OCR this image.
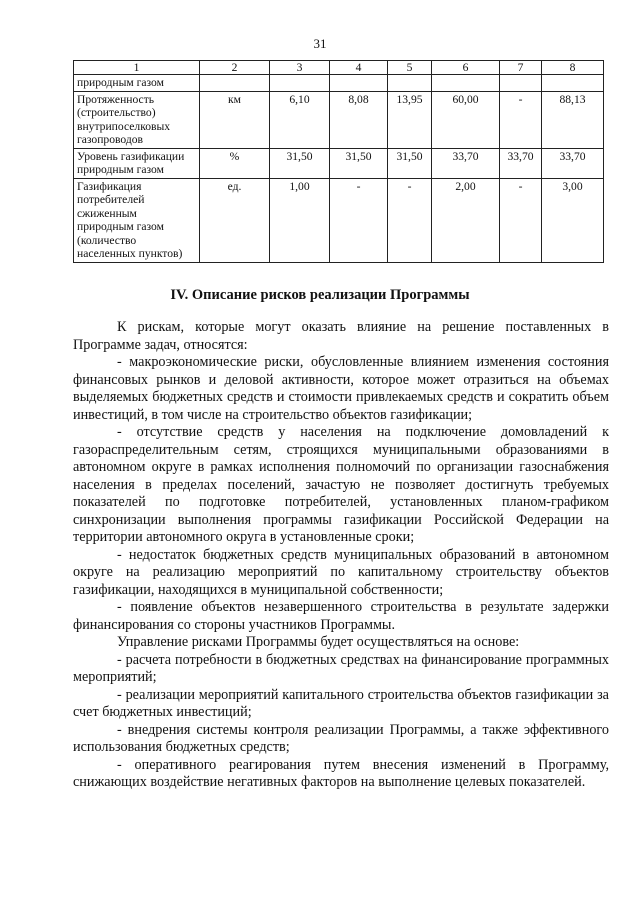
31
1	2	3	4	5	6	7	8
природным газом							
Протяженность (строительство) внутрипоселковых газопроводов	км	6,10	8,08	13,95	60,00	-	88,13
Уровень газификации природным газом	%	31,50	31,50	31,50	33,70	33,70	33,70
Газификация потребителей сжиженным природным газом (количество населенных пунктов)	ед.	1,00	-	-	2,00	-	3,00
IV. Описание рисков реализации Программы

К рискам, которые могут оказать влияние на решение поставленных в Программе задач, относятся:

- макроэкономические риски, обусловленные влиянием изменения состояния финансовых рынков и деловой активности, которое может отразиться на объемах выделяемых бюджетных средств и стоимости привлекаемых средств и сократить объем инвестиций, в том числе на строительство объектов газификации;

- отсутствие средств у населения на подключение домовладений к газораспределительным сетям, строящихся муниципальными образованиями в автономном округе в рамках исполнения полномочий по организации газоснабжения населения в пределах поселений, зачастую не позволяет достигнуть требуемых показателей по подготовке потребителей, установленных планом-графиком синхронизации выполнения программы газификации Российской Федерации на территории автономного округа в установленные сроки;

- недостаток бюджетных средств муниципальных образований в автономном округе на реализацию мероприятий по капитальному строительству объектов газификации, находящихся в муниципальной собственности;

- появление объектов незавершенного строительства в результате задержки финансирования со стороны участников Программы.

Управление рисками Программы будет осуществляться на основе:

- расчета потребности в бюджетных средствах на финансирование программных мероприятий;

- реализации мероприятий капитального строительства объектов газификации за счет бюджетных инвестиций;

- внедрения системы контроля реализации Программы, а также эффективного использования бюджетных средств;

- оперативного реагирования путем внесения изменений в Программу, снижающих воздействие негативных факторов на выполнение целевых показателей.
